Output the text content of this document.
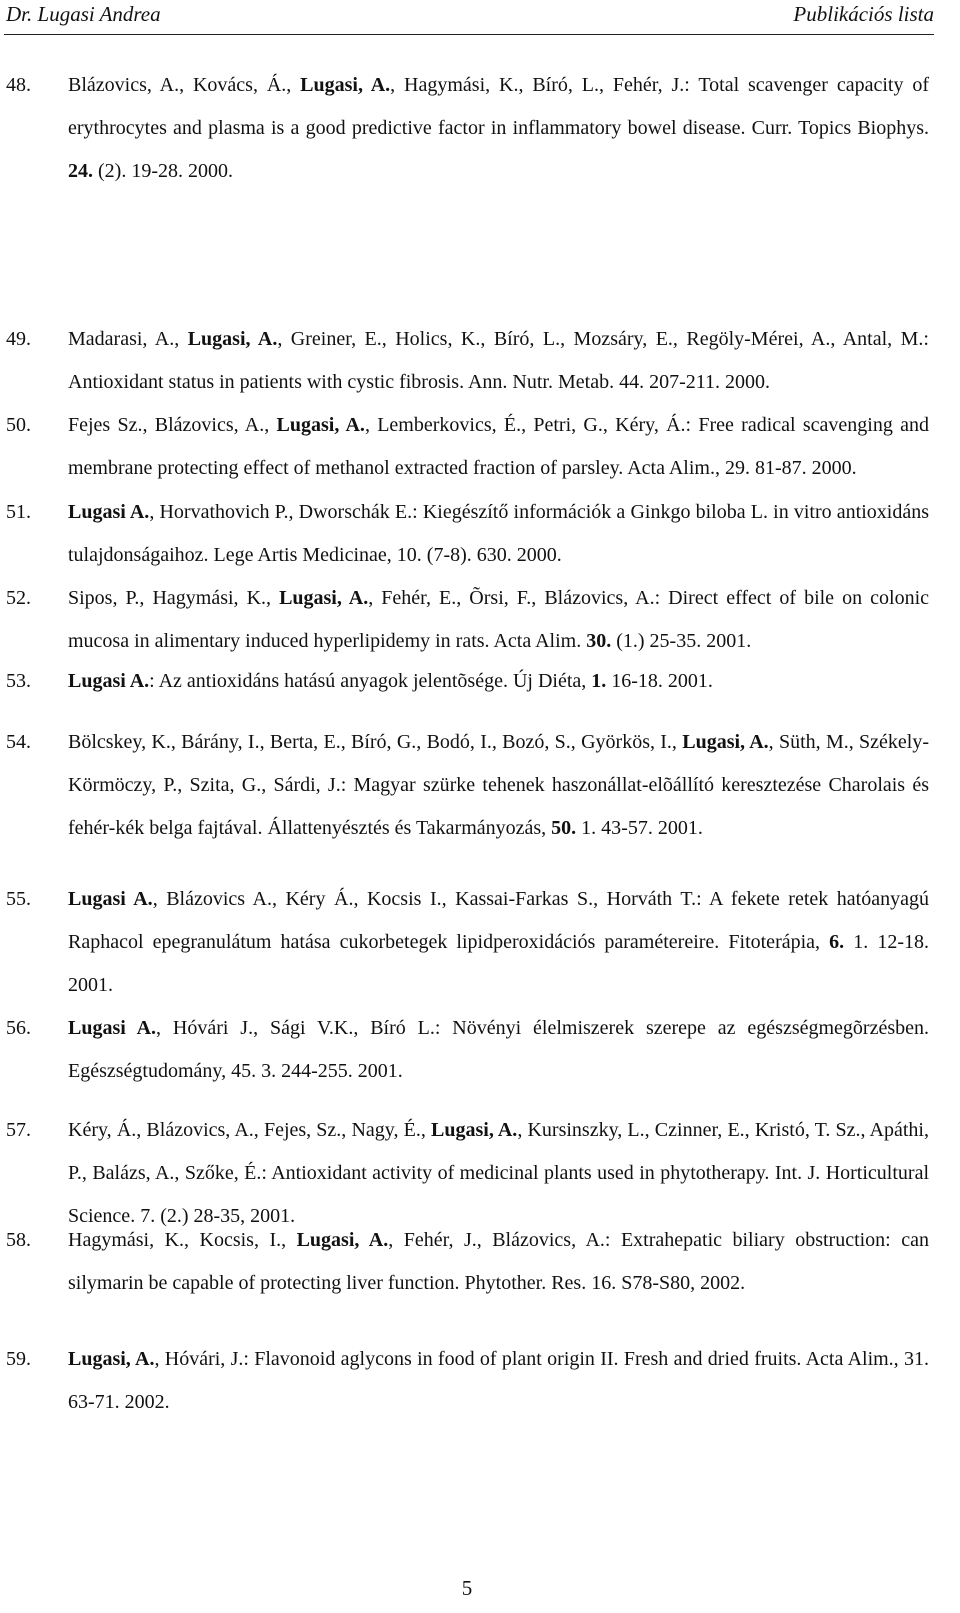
Dr. Lugasi Andrea	Publikációs lista
48. Blázovics, A., Kovács, Á., Lugasi, A., Hagymási, K., Bíró, L., Fehér, J.: Total scavenger capacity of erythrocytes and plasma is a good predictive factor in inflammatory bowel disease. Curr. Topics Biophys. 24. (2). 19-28. 2000.
49. Madarasi, A., Lugasi, A., Greiner, E., Holics, K., Bíró, L., Mozsáry, E., Regöly-Mérei, A., Antal, M.: Antioxidant status in patients with cystic fibrosis. Ann. Nutr. Metab. 44. 207-211. 2000.
50. Fejes Sz., Blázovics, A., Lugasi, A., Lemberkovics, É., Petri, G., Kéry, Á.: Free radical scavenging and membrane protecting effect of methanol extracted fraction of parsley. Acta Alim., 29. 81-87. 2000.
51. Lugasi A., Horvathovich P., Dworschák E.: Kiegészítő információk a Ginkgo biloba L. in vitro antioxidáns tulajdonságaihoz. Lege Artis Medicinae, 10. (7-8). 630. 2000.
52. Sipos, P., Hagymási, K., Lugasi, A., Fehér, E., Õrsi, F., Blázovics, A.: Direct effect of bile on colonic mucosa in alimentary induced hyperlipidemy in rats. Acta Alim. 30. (1.) 25-35. 2001.
53. Lugasi A.: Az antioxidáns hatású anyagok jelentõsége. Új Diéta, 1. 16-18. 2001.
54. Bölcskey, K., Bárány, I., Berta, E., Bíró, G., Bodó, I., Bozó, S., Györkös, I., Lugasi, A., Süth, M., Székely-Körmöczy, P., Szita, G., Sárdi, J.: Magyar szürke tehenek haszonállat-elõállító keresztezése Charolais és fehér-kék belga fajtával. Állattenyésztés és Takarmányozás, 50. 1. 43-57. 2001.
55. Lugasi A., Blázovics A., Kéry Á., Kocsis I., Kassai-Farkas S., Horváth T.: A fekete retek hatóanyagú Raphacol epegranulátum hatása cukorbetegek lipidperoxidációs paramétereire. Fitoterápia, 6. 1. 12-18. 2001.
56. Lugasi A., Hóvári J., Sági V.K., Bíró L.: Növényi élelmiszerek szerepe az egészségmegõrzésben. Egészségtudomány, 45. 3. 244-255. 2001.
57. Kéry, Á., Blázovics, A., Fejes, Sz., Nagy, É., Lugasi, A., Kursinszky, L., Czinner, E., Kristó, T. Sz., Apáthi, P., Balázs, A., Szőke, É.: Antioxidant activity of medicinal plants used in phytotherapy. Int. J. Horticultural Science. 7. (2.) 28-35, 2001.
58. Hagymási, K., Kocsis, I., Lugasi, A., Fehér, J., Blázovics, A.: Extrahepatic biliary obstruction: can silymarin be capable of protecting liver function. Phytother. Res. 16. S78-S80, 2002.
59. Lugasi, A., Hóvári, J.: Flavonoid aglycons in food of plant origin II. Fresh and dried fruits. Acta Alim., 31. 63-71. 2002.
5
